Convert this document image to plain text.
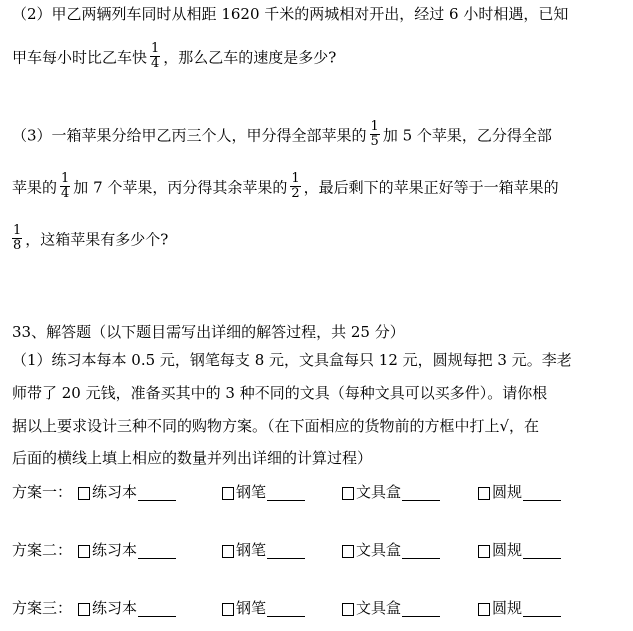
（2）甲乙两辆列车同时从相距 1620 千米的两城相对开出，经过 6 小时相遇，已知
甲车每小时比乙车快 $\frac{1}{4}$ ，那么乙车的速度是多少?
（3）一箱苹果分给甲乙丙三个人，甲分得全部苹果的 $\frac{1}{5}$ 加 5 个苹果，乙分得全部
苹果的 $\frac{1}{4}$ 加 7 个苹果，丙分得其余苹果的 $\frac{1}{2}$ ，最后剩下的苹果正好等于一箱苹果的
$\frac{1}{8}$ ，这箱苹果有多少个?
33、解答题（以下题目需写出详细的解答过程，共 25 分）
（1）练习本每本 0.5 元，钢笔每支 8 元，文具盒每只 12 元，圆规每把 3 元。李老
师带了 20 元钱，准备买其中的 3 种不同的文具（每种文具可以买多件）。请你根
据以上要求设计三种不同的购物方案。（在下面相应的货物前的方框中打上√，在
后面的横线上填上相应的数量并列出详细的计算过程）
方案一： 练习本	钢笔	文具盒	圆规
方案二： 练习本	钢笔	文具盒	圆规
方案三： 练习本	钢笔	文具盒	圆规
